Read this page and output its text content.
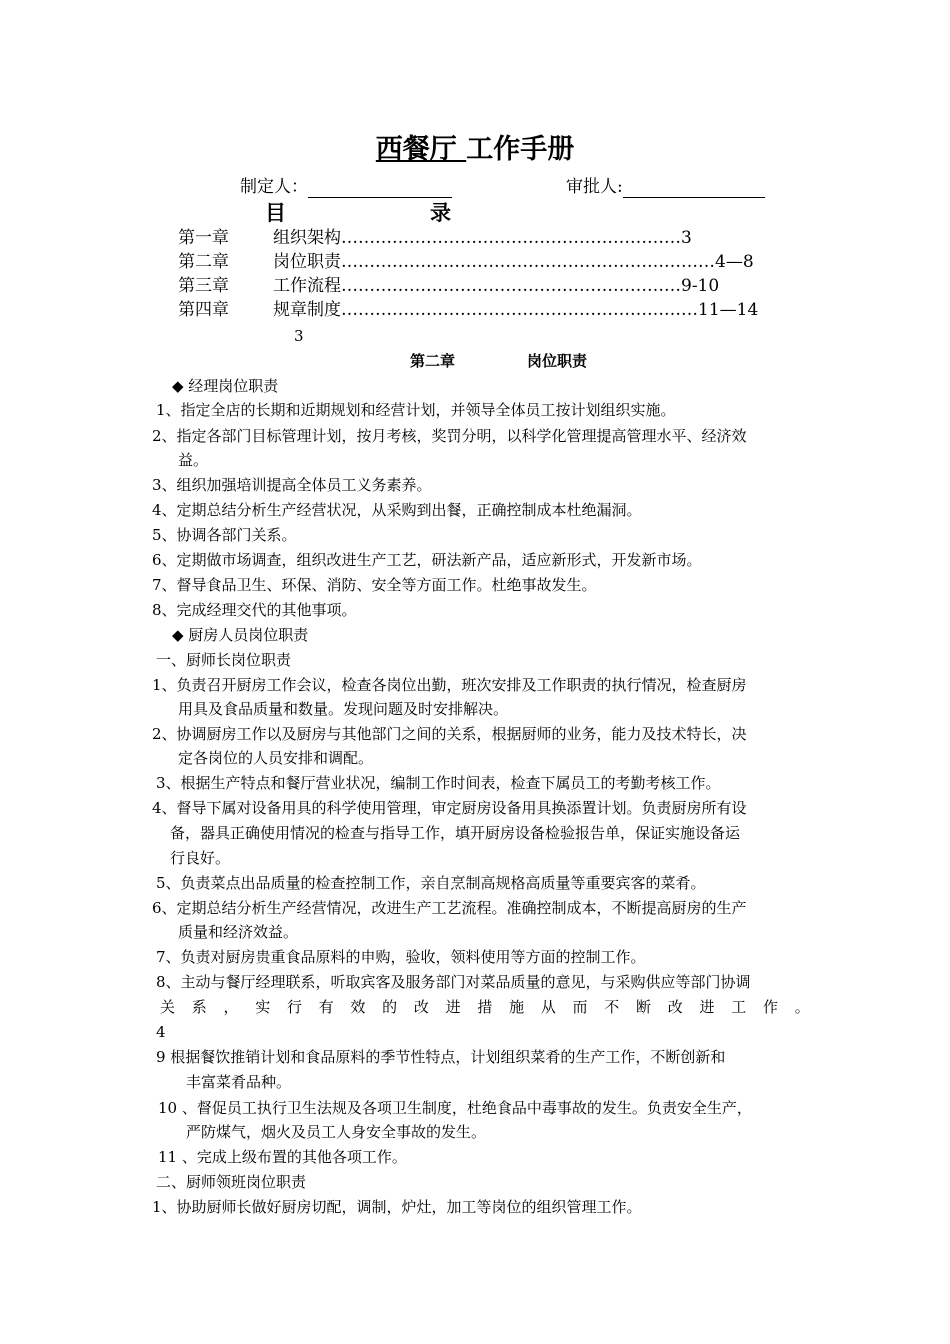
西餐厅 工作手册
制定人：	审批人:
目	录
第一章	组织架构……………………………………………………3
第二章	岗位职责…………………………………………………………4—8
第三章	工作流程……………………………………………………9-10
第四章	规章制度………………………………………………………11—14
3
第二章	岗位职责
◆ 经理岗位职责
1、指定全店的长期和近期规划和经营计划，并领导全体员工按计划组织实施。
2、指定各部门目标管理计划，按月考核，奖罚分明，以科学化管理提高管理水平、经济效
益。
3、组织加强培训提高全体员工义务素养。
4、定期总结分析生产经营状况，从采购到出餐，正确控制成本杜绝漏洞。
5、协调各部门关系。
6、定期做市场调查，组织改进生产工艺，研法新产品，适应新形式，开发新市场。
7、督导食品卫生、环保、消防、安全等方面工作。杜绝事故发生。
8、完成经理交代的其他事项。
◆ 厨房人员岗位职责
一、厨师长岗位职责
1、负责召开厨房工作会议，检查各岗位出勤，班次安排及工作职责的执行情况，检查厨房
用具及食品质量和数量。发现问题及时安排解决。
2、协调厨房工作以及厨房与其他部门之间的关系，根据厨师的业务，能力及技术特长，决
定各岗位的人员安排和调配。
3、根据生产特点和餐厅营业状况，编制工作时间表，检查下属员工的考勤考核工作。
4、督导下属对设备用具的科学使用管理，审定厨房设备用具换添置计划。负责厨房所有设
备，器具正确使用情况的检查与指导工作，填开厨房设备检验报告单，保证实施设备运
行良好。
5、负责菜点出品质量的检查控制工作，亲自烹制高规格高质量等重要宾客的菜肴。
6、定期总结分析生产经营情况，改进生产工艺流程。准确控制成本，不断提高厨房的生产
质量和经济效益。
7、负责对厨房贵重食品原料的申购，验收，领料使用等方面的控制工作。
8、主动与餐厅经理联系，听取宾客及服务部门对菜品质量的意见，与采购供应等部门协调
关 系 ， 实 行 有 效 的 改 进 措 施 从 而 不 断 改 进 工 作 。
4
9 根据餐饮推销计划和食品原料的季节性特点，计划组织菜肴的生产工作，不断创新和
丰富菜肴品种。
10 、督促员工执行卫生法规及各项卫生制度，杜绝食品中毒事故的发生。负责安全生产，
严防煤气，烟火及员工人身安全事故的发生。
11 、完成上级布置的其他各项工作。
二、厨师领班岗位职责
1、协助厨师长做好厨房切配，调制，炉灶，加工等岗位的组织管理工作。
